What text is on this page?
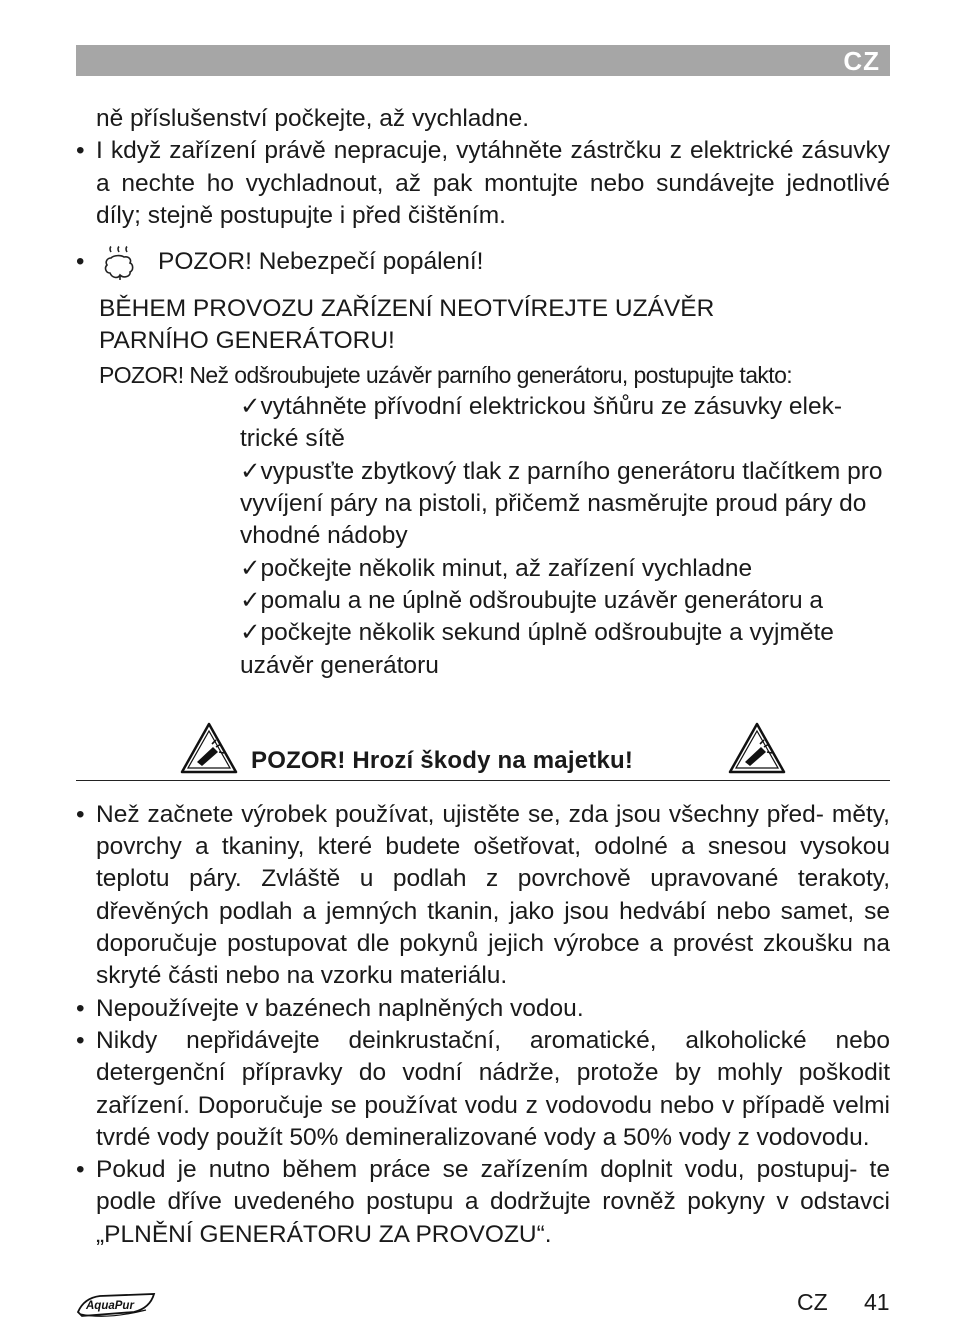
CZ

ně příslušenství počkejte, až vychladne.

• I když zařízení právě nepracuje, vytáhněte zástrčku z elektrické zásuvky a nechte ho vychladnout, až pak montujte nebo sundávejte jednotlivé díly; stejně postupujte i před čištěním.

•	POZOR! Nebezpečí popálení!
BĚHEM PROVOZU ZAŘÍZENÍ NEOTVÍREJTE UZÁVĚR
PARNÍHO GENERÁTORU!
POZOR! Než odšroubujete uzávěr parního generátoru, postupujte takto:

✓vytáhněte přívodní elektrickou šňůru ze zásuvky elek- trické sítě

✓vypusťte zbytkový tlak z parního generátoru tlačítkem pro vyvíjení páry na pistoli, přičemž nasměrujte proud páry do vhodné nádoby

✓počkejte několik minut, až zařízení vychladne

✓pomalu a ne úplně odšroubujte uzávěr generátoru a

✓počkejte několik sekund úplně odšroubujte a vyjměte uzávěr generátoru

POZOR! Hrozí škody na majetku!

• Než začnete výrobek používat, ujistěte se, zda jsou všechny před- měty, povrchy a tkaniny, které budete ošetřovat, odolné a snesou vysokou teplotu páry. Zvláště u podlah z povrchově upravované terakoty, dřevěných podlah a jemných tkanin, jako jsou hedvábí nebo samet, se doporučuje postupovat dle pokynů jejich výrobce a provést zkoušku na skryté části nebo na vzorku materiálu.

• Nepoužívejte v bazénech naplněných vodou.

• Nikdy nepřidávejte deinkrustační, aromatické, alkoholické nebo detergenční přípravky do vodní nádrže, protože by mohly poškodit zařízení. Doporučuje se používat vodu z vodovodu nebo v případě velmi tvrdé vody použít 50% demineralizované vody a 50% vody z vodovodu.

• Pokud je nutno během práce se zařízením doplnit vodu, postupuj- te podle dříve uvedeného postupu a dodržujte rovněž pokyny v odstavci „PLNĚNÍ GENERÁTORU ZA PROVOZU“.

AquaPur	CZ 41
